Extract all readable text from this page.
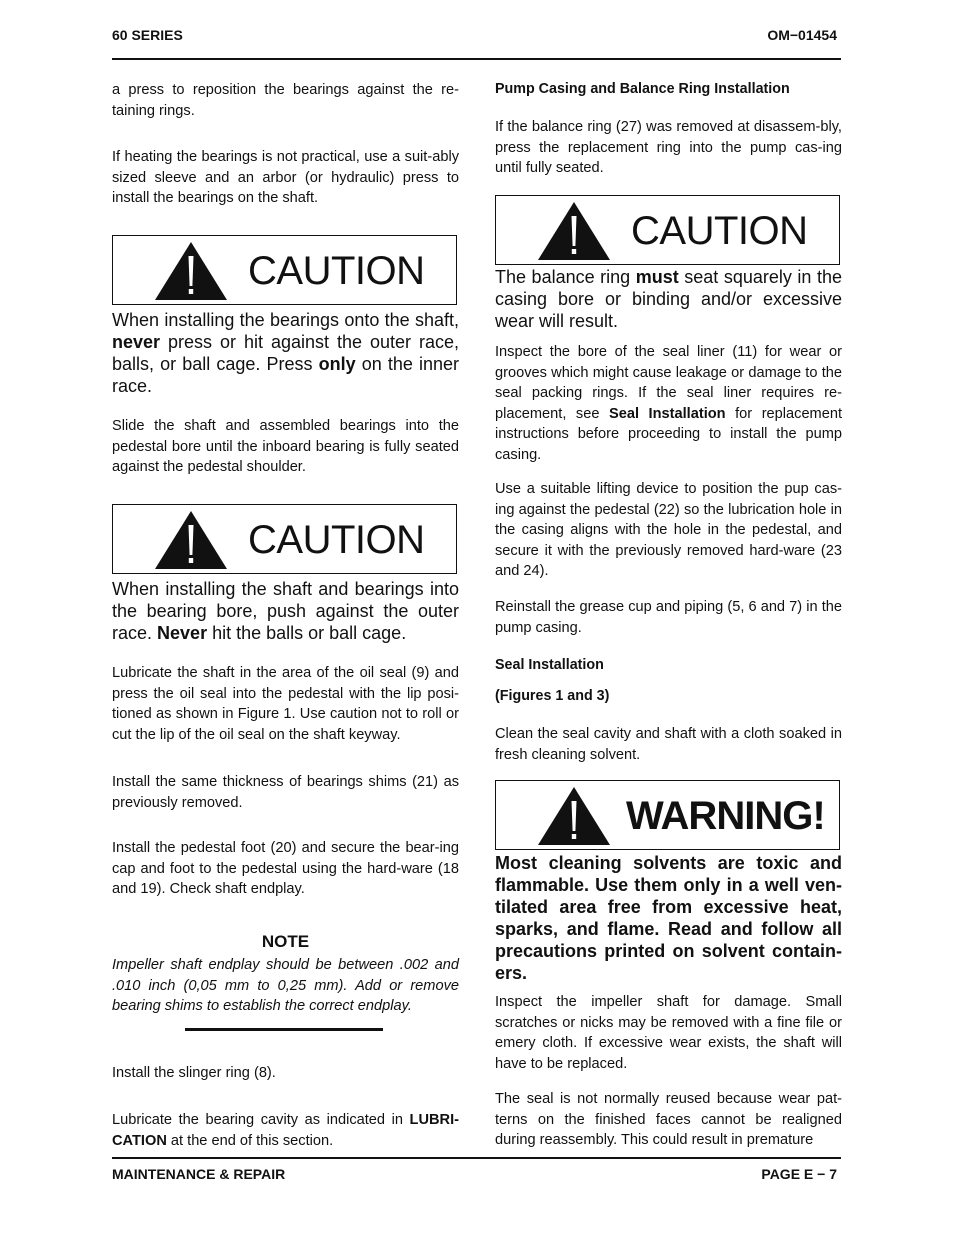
60 SERIES	OM−01454

a press to reposition the bearings against the re-taining rings.

If heating the bearings is not practical, use a suit-ably sized sleeve and an arbor (or hydraulic) press to install the bearings on the shaft.

CAUTION

When installing the bearings onto the shaft, never press or hit against the outer race, balls, or ball cage. Press only on the inner race.

Slide the shaft and assembled bearings into the pedestal bore until the inboard bearing is fully seated against the pedestal shoulder.

CAUTION

When installing the shaft and bearings into the bearing bore, push against the outer race. Never hit the balls or ball cage.

Lubricate the shaft in the area of the oil seal (9) and press the oil seal into the pedestal with the lip posi-tioned as shown in Figure 1. Use caution not to roll or cut the lip of the oil seal on the shaft keyway.

Install the same thickness of bearings shims (21) as previously removed.

Install the pedestal foot (20) and secure the bear-ing cap and foot to the pedestal using the hard-ware (18 and 19). Check shaft endplay.

NOTE

Impeller shaft endplay should be between .002 and .010 inch (0,05 mm to 0,25 mm). Add or remove bearing shims to establish the correct endplay.

Install the slinger ring (8).

Lubricate the bearing cavity as indicated in LUBRI-CATION at the end of this section.

Pump Casing and Balance Ring Installation

If the balance ring (27) was removed at disassem-bly, press the replacement ring into the pump cas-ing until fully seated.

CAUTION

The balance ring must seat squarely in the casing bore or binding and/or excessive wear will result.

Inspect the bore of the seal liner (11) for wear or grooves which might cause leakage or damage to the seal packing rings. If the seal liner requires re-placement, see Seal Installation for replacement instructions before proceeding to install the pump casing.

Use a suitable lifting device to position the pup cas-ing against the pedestal (22) so the lubrication hole in the casing aligns with the hole in the pedestal, and secure it with the previously removed hard-ware (23 and 24).

Reinstall the grease cup and piping (5, 6 and 7) in the pump casing.

Seal Installation

(Figures 1 and 3)

Clean the seal cavity and shaft with a cloth soaked in fresh cleaning solvent.

WARNING!

Most cleaning solvents are toxic and flammable. Use them only in a well ven-tilated area free from excessive heat, sparks, and flame. Read and follow all precautions printed on solvent contain-ers.

Inspect the impeller shaft for damage. Small scratches or nicks may be removed with a fine file or emery cloth. If excessive wear exists, the shaft will have to be replaced.

The seal is not normally reused because wear pat-terns on the finished faces cannot be realigned during reassembly. This could result in premature

MAINTENANCE & REPAIR	PAGE E − 7
